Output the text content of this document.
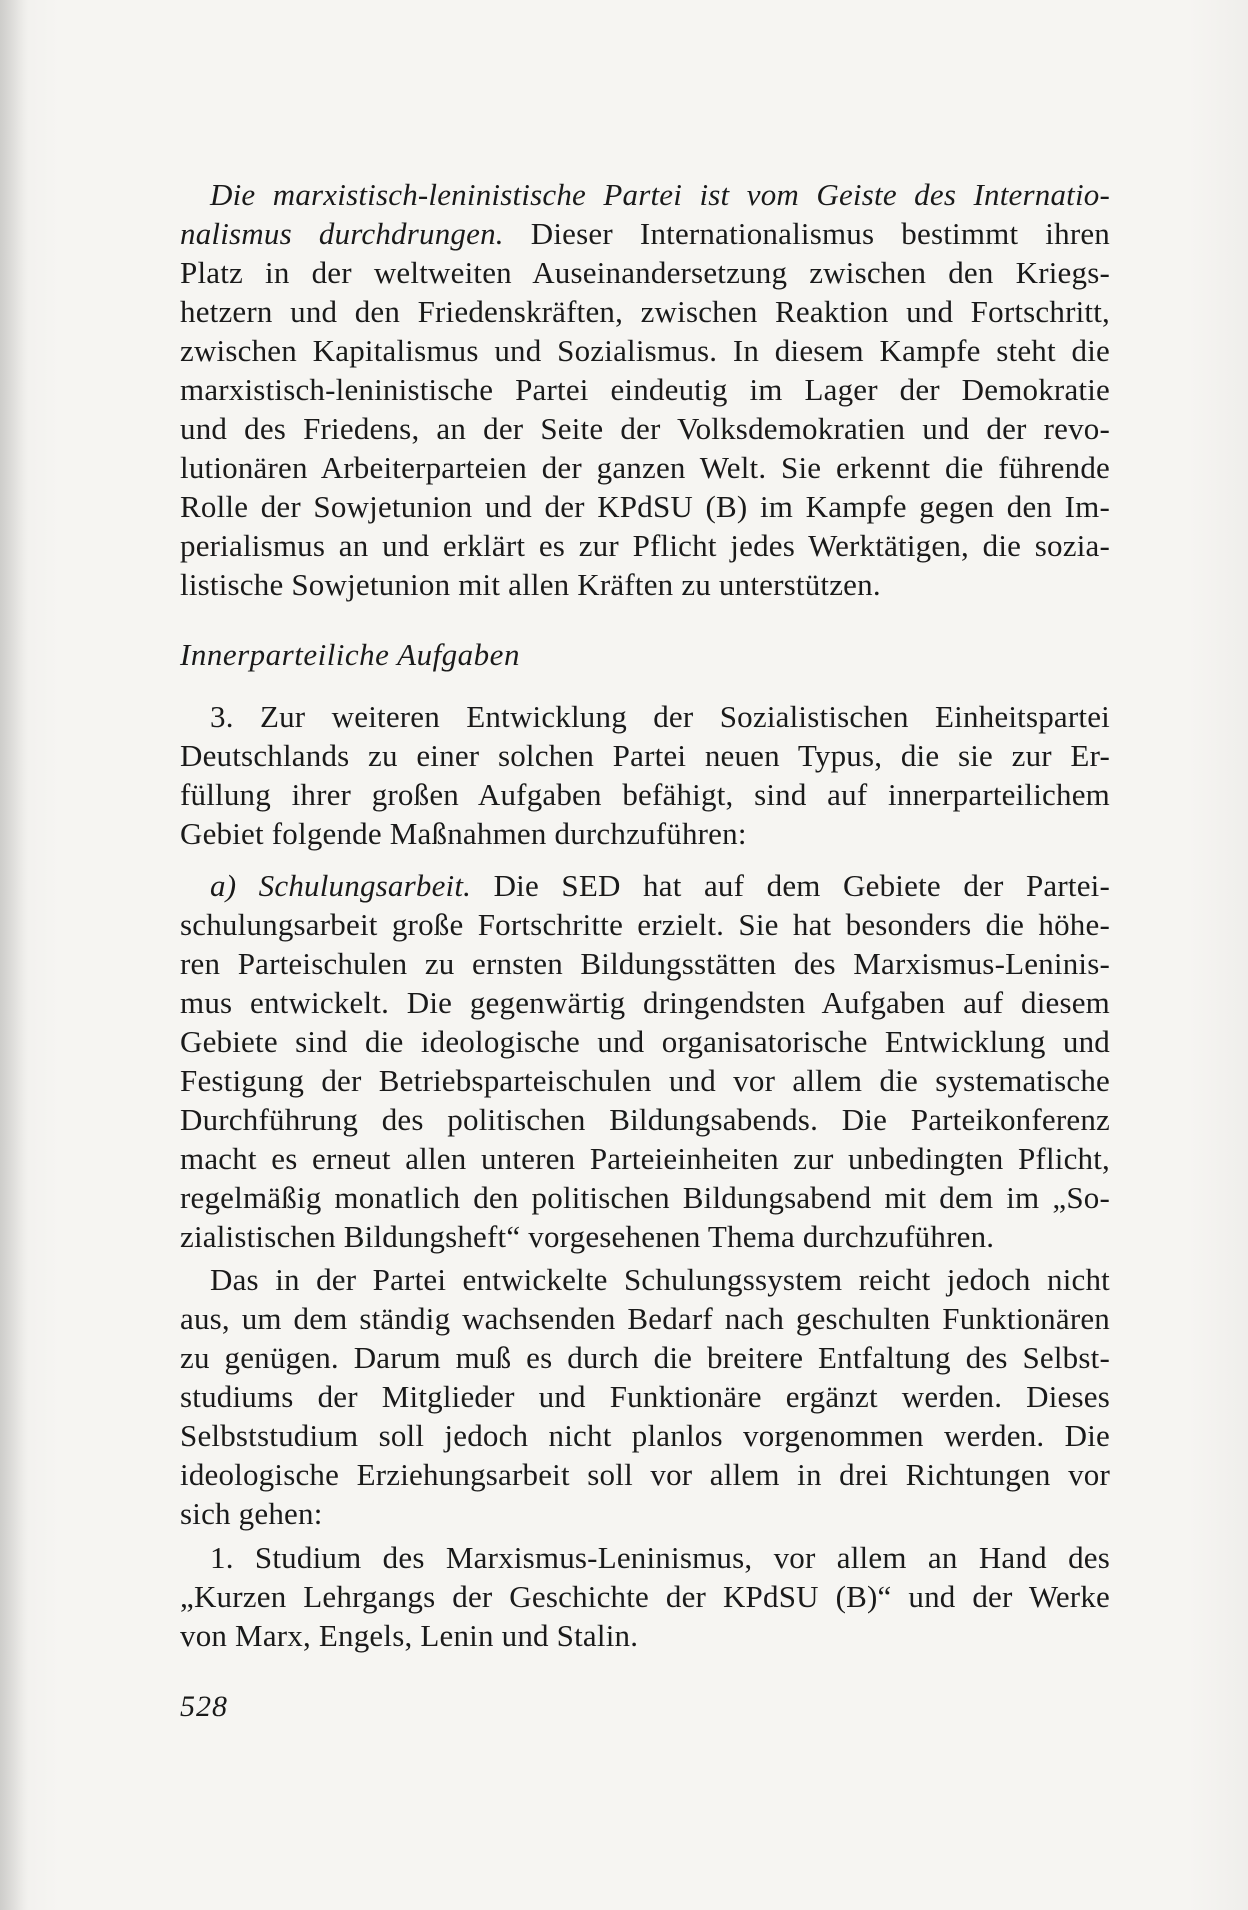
Die marxistisch-leninistische Partei ist vom Geiste des Internatio-
nalismus durchdrungen. Dieser Internationalismus bestimmt ihren
Platz in der weltweiten Auseinandersetzung zwischen den Kriegs-
hetzern und den Friedenskräften, zwischen Reaktion und Fortschritt,
zwischen Kapitalismus und Sozialismus. In diesem Kampfe steht die
marxistisch-leninistische Partei eindeutig im Lager der Demokratie
und des Friedens, an der Seite der Volksdemokratien und der revo-
lutionären Arbeiterparteien der ganzen Welt. Sie erkennt die führende
Rolle der Sowjetunion und der KPdSU (B) im Kampfe gegen den Im-
perialismus an und erklärt es zur Pflicht jedes Werktätigen, die sozia-
listische Sowjetunion mit allen Kräften zu unterstützen.
Innerparteiliche Aufgaben
3. Zur weiteren Entwicklung der Sozialistischen Einheitspartei
Deutschlands zu einer solchen Partei neuen Typus, die sie zur Er-
füllung ihrer großen Aufgaben befähigt, sind auf innerparteilichem
Gebiet folgende Maßnahmen durchzuführen:
a) Schulungsarbeit. Die SED hat auf dem Gebiete der Partei-
schulungsarbeit große Fortschritte erzielt. Sie hat besonders die höhe-
ren Parteischulen zu ernsten Bildungsstätten des Marxismus-Leninis-
mus entwickelt. Die gegenwärtig dringendsten Aufgaben auf diesem
Gebiete sind die ideologische und organisatorische Entwicklung und
Festigung der Betriebsparteischulen und vor allem die systematische
Durchführung des politischen Bildungsabends. Die Parteikonferenz
macht es erneut allen unteren Parteieinheiten zur unbedingten Pflicht,
regelmäßig monatlich den politischen Bildungsabend mit dem im „So-
zialistischen Bildungsheft“ vorgesehenen Thema durchzuführen.
Das in der Partei entwickelte Schulungssystem reicht jedoch nicht
aus, um dem ständig wachsenden Bedarf nach geschulten Funktionären
zu genügen. Darum muß es durch die breitere Entfaltung des Selbst-
studiums der Mitglieder und Funktionäre ergänzt werden. Dieses
Selbststudium soll jedoch nicht planlos vorgenommen werden. Die
ideologische Erziehungsarbeit soll vor allem in drei Richtungen vor
sich gehen:
1. Studium des Marxismus-Leninismus, vor allem an Hand des
„Kurzen Lehrgangs der Geschichte der KPdSU (B)“ und der Werke
von Marx, Engels, Lenin und Stalin.
528
